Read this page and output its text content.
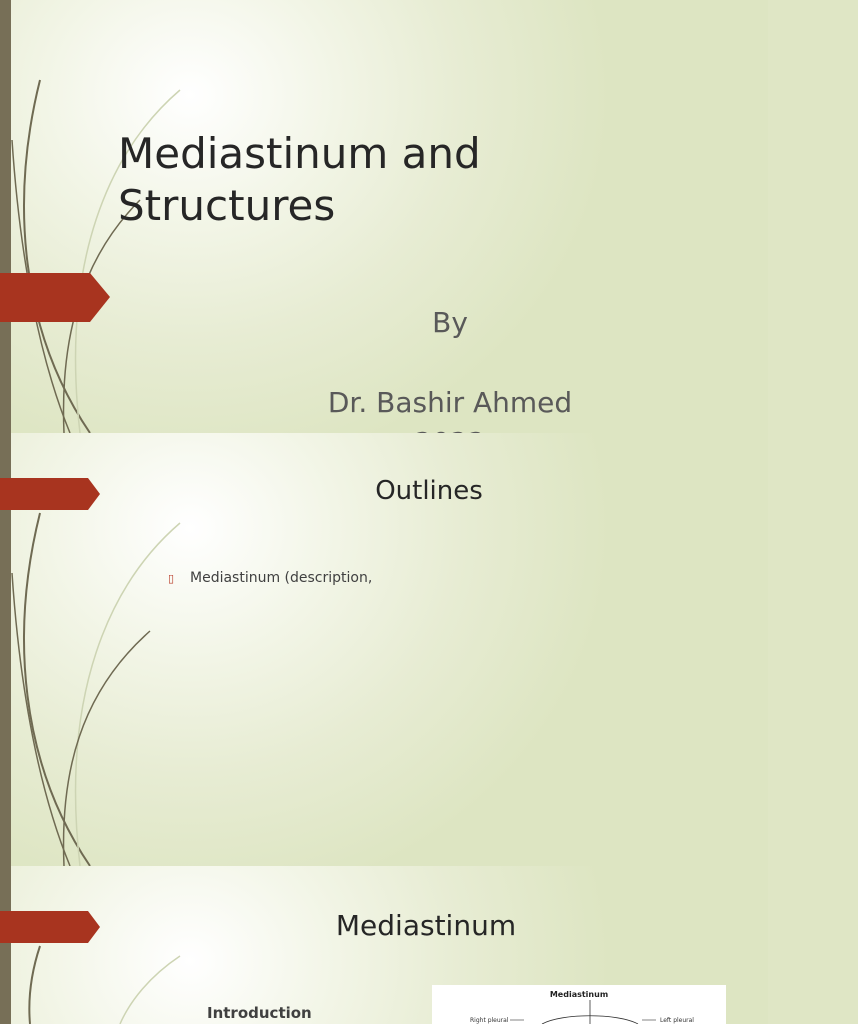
Mediastinum and Structures
By
Dr. Bashir Ahmed
Outlines
▯	Mediastinum (description,
Mediastinum
Introduction
Mediastinum
Right pleural	Left pleural
